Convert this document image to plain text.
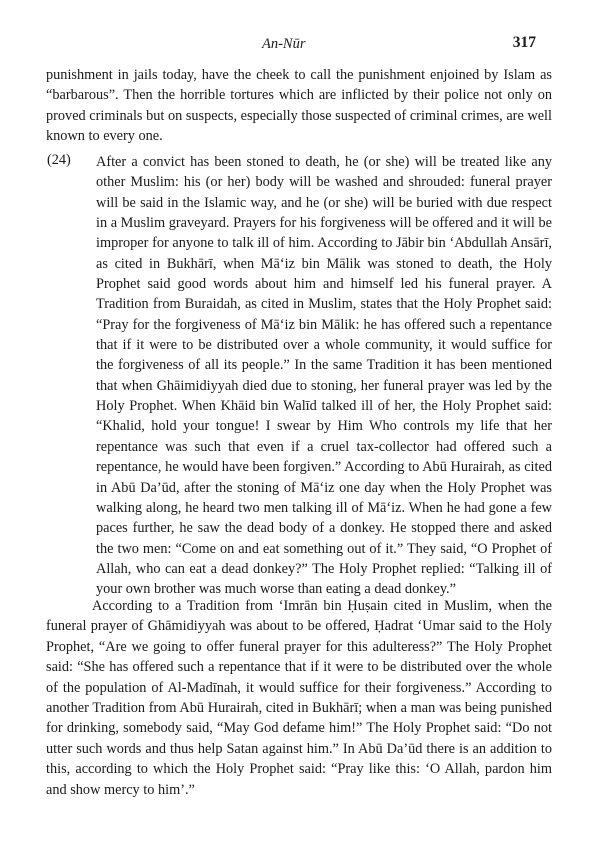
An-Nūr	317

punishment in jails today, have the cheek to call the punishment enjoined by Islam as “barbarous”. Then the horrible tortures which are inflicted by their police not only on proved criminals but on suspects, especially those suspected of criminal crimes, are well known to every one.

(24) After a convict has been stoned to death, he (or she) will be treated like any other Muslim: his (or her) body will be washed and shrouded: funeral prayer will be said in the Islamic way, and he (or she) will be buried with due respect in a Muslim graveyard. Prayers for his forgiveness will be offered and it will be improper for anyone to talk ill of him. According to Jābir bin ‘Abdullah Ansārī, as cited in Bukhārī, when Mā‘iz bin Mālik was stoned to death, the Holy Prophet said good words about him and himself led his funeral prayer. A Tradition from Buraidah, as cited in Muslim, states that the Holy Prophet said: “Pray for the forgiveness of Mā‘iz bin Mālik: he has offered such a repentance that if it were to be distributed over a whole community, it would suffice for the forgiveness of all its people.” In the same Tradition it has been mentioned that when Ghāimidiyyah died due to stoning, her funeral prayer was led by the Holy Prophet. When Khāid bin Walīd talked ill of her, the Holy Prophet said: “Khalid, hold your tongue! I swear by Him Who controls my life that her repentance was such that even if a cruel tax-collector had offered such a repentance, he would have been forgiven.” According to Abū Hurairah, as cited in Abū Da’ūd, after the stoning of Mā‘iz one day when the Holy Prophet was walking along, he heard two men talking ill of Mā‘iz. When he had gone a few paces further, he saw the dead body of a donkey. He stopped there and asked the two men: “Come on and eat something out of it.” They said, “O Prophet of Allah, who can eat a dead donkey?” The Holy Prophet replied: “Talking ill of your own brother was much worse than eating a dead donkey.”

According to a Tradition from ‘Imrān bin Ḥuṣain cited in Muslim, when the funeral prayer of Ghāmidiyyah was about to be offered, Ḥadrat ‘Umar said to the Holy Prophet, “Are we going to offer funeral prayer for this adulteress?” The Holy Prophet said: “She has offered such a repentance that if it were to be distributed over the whole of the population of Al-Madīnah, it would suffice for their forgiveness.” According to another Tradition from Abū Hurairah, cited in Bukhārī; when a man was being punished for drinking, somebody said, “May God defame him!” The Holy Prophet said: “Do not utter such words and thus help Satan against him.” In Abū Da’ūd there is an addition to this, according to which the Holy Prophet said: “Pray like this: ‘O Allah, pardon him and show mercy to him’.”
